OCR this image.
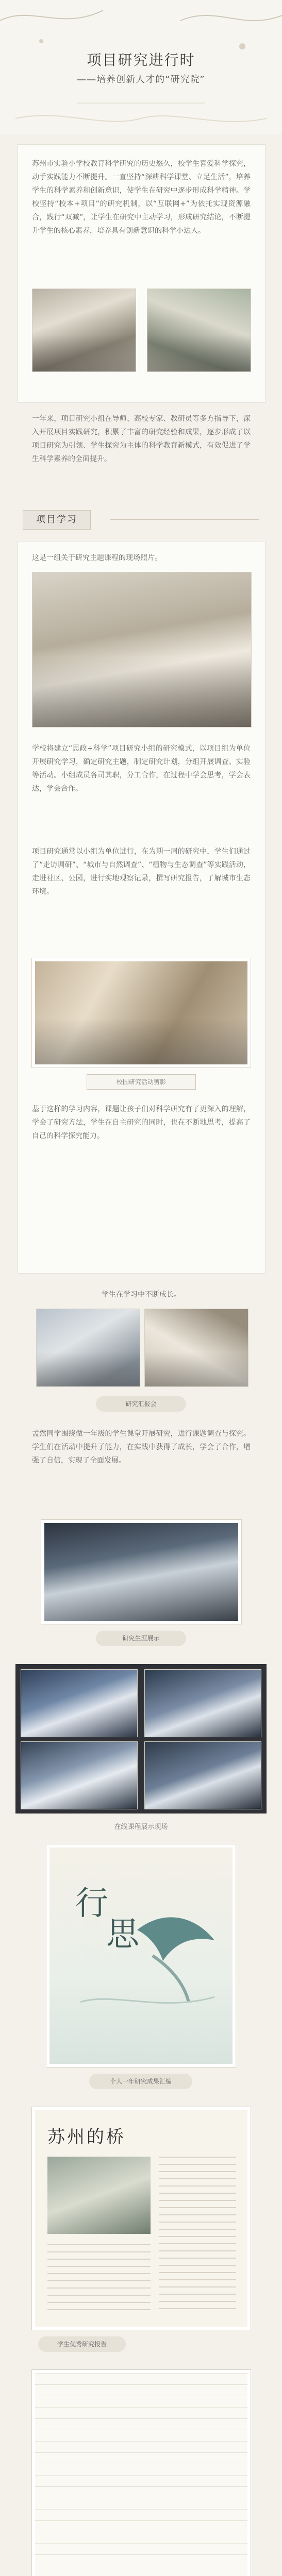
项目研究进行时
——培养创新人才的“研究院”

苏州市实验小学校教育科学研究的历史悠久，校学生喜爱科学探究，动手实践能力不断提升。一直坚持“深耕科学课堂、立足生活”，培养学生的科学素养和创新意识，使学生在研究中逐步形成科学精神。学校坚持“校本+项目”的研究机制，以“互联网+”为依托实现资源融合，践行“双减”，让学生在研究中主动学习，形成研究结论，不断提升学生的核心素养，培养具有创新意识的科学小达人。

一年来，项目研究小组在导师、高校专家、教研员等多方指导下，深入开展项目实践研究，积累了丰富的研究经验和成果，逐步形成了以项目研究为引领、学生探究为主体的科学教育新模式，有效促进了学生科学素养的全面提升。

项目学习

这是一组关于研究主题课程的现场照片。

学校将建立“思政+科学”项目研究小组的研究模式，以项目组为单位开展研究学习，确定研究主题，制定研究计划，分组开展调查、实验等活动。小组成员各司其职，分工合作，在过程中学会思考，学会表达，学会合作。

项目研究通常以小组为单位进行，在为期一周的研究中，学生们通过了“走访调研”、“城市与自然调查”、“植物与生态调查”等实践活动，走进社区、公园，进行实地观察记录，撰写研究报告，了解城市生态环境。

校园研究活动剪影

基于这样的学习内容，课题让孩子们对科学研究有了更深入的理解，学会了研究方法，学生在自主研究的同时，也在不断地思考，提高了自己的科学探究能力。

学生在学习中不断成长。

研究汇报会

孟然同学围绕做一年级的学生课堂开展研究，进行课题调查与探究。学生们在活动中提升了能力，在实践中获得了成长，学会了合作，增强了自信，实现了全面发展。

研究生涯展示
在线课程展示现场
行
思
个人一年研究成果汇编
苏州的桥
学生优秀研究报告
